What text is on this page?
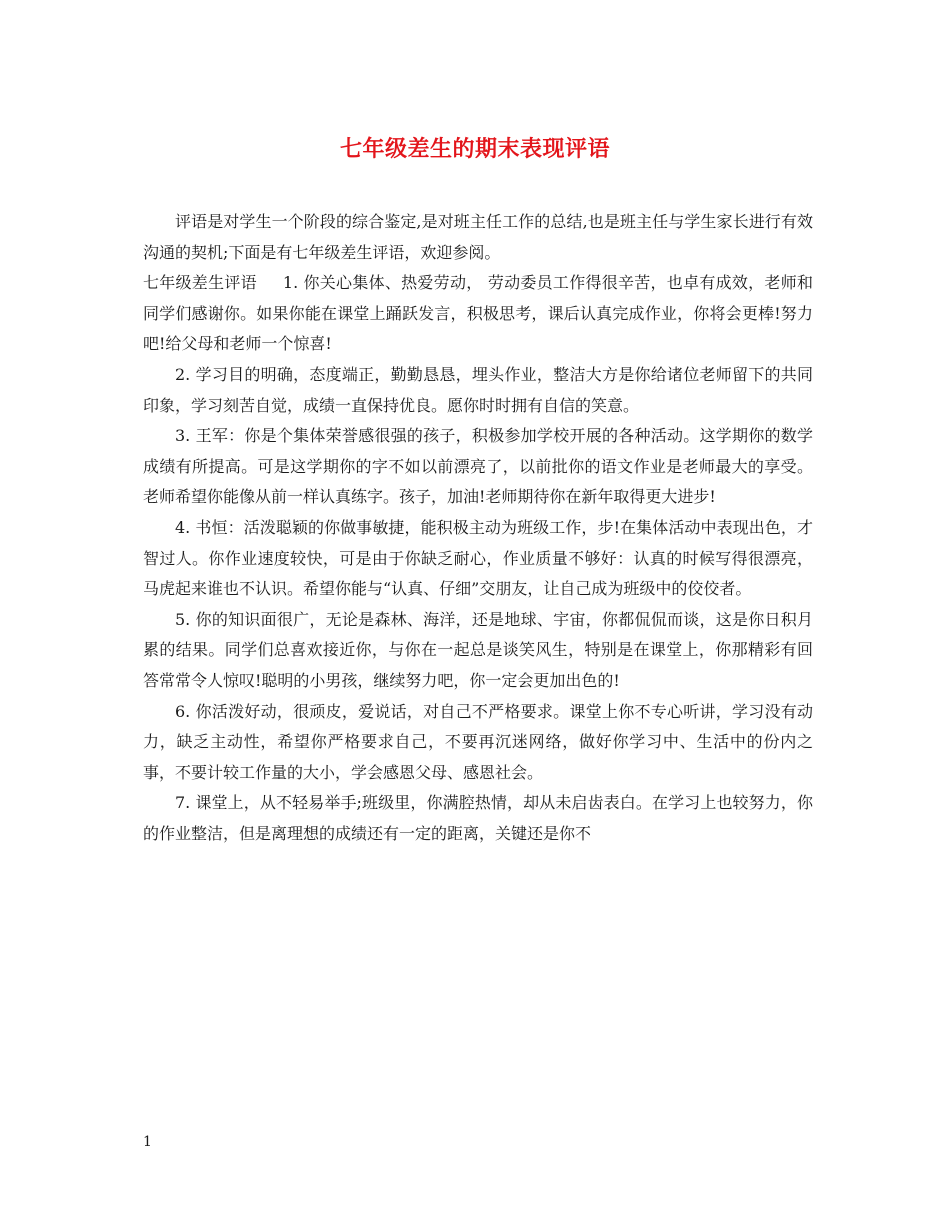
七年级差生的期末表现评语

评语是对学生一个阶段的综合鉴定,是对班主任工作的总结,也是班主任与学生家长进行有效沟通的契机;下面是有七年级差生评语，欢迎参阅。

七年级差生评语 1. 你关心集体、热爱劳动， 劳动委员工作得很辛苦，也卓有成效，老师和同学们感谢你。如果你能在课堂上踊跃发言，积极思考，课后认真完成作业，你将会更棒!努力吧!给父母和老师一个惊喜!

2. 学习目的明确，态度端正，勤勤恳恳，埋头作业，整洁大方是你给诸位老师留下的共同印象，学习刻苦自觉，成绩一直保持优良。愿你时时拥有自信的笑意。

3. 王军：你是个集体荣誉感很强的孩子，积极参加学校开展的各种活动。这学期你的数学成绩有所提高。可是这学期你的字不如以前漂亮了，以前批你的语文作业是老师最大的享受。老师希望你能像从前一样认真练字。孩子，加油!老师期待你在新年取得更大进步!

4. 书恒：活泼聪颖的你做事敏捷，能积极主动为班级工作，步!在集体活动中表现出色，才智过人。你作业速度较快，可是由于你缺乏耐心，作业质量不够好：认真的时候写得很漂亮，马虎起来谁也不认识。希望你能与“认真、仔细”交朋友，让自己成为班级中的佼佼者。

5. 你的知识面很广，无论是森林、海洋，还是地球、宇宙，你都侃侃而谈，这是你日积月累的结果。同学们总喜欢接近你，与你在一起总是谈笑风生，特别是在课堂上，你那精彩有回答常常令人惊叹!聪明的小男孩，继续努力吧，你一定会更加出色的!

6. 你活泼好动，很顽皮，爱说话，对自己不严格要求。课堂上你不专心听讲，学习没有动力，缺乏主动性，希望你严格要求自己，不要再沉迷网络，做好你学习中、生活中的份内之事，不要计较工作量的大小，学会感恩父母、感恩社会。

7. 课堂上，从不轻易举手;班级里，你满腔热情，却从未启齿表白。在学习上也较努力，你的作业整洁，但是离理想的成绩还有一定的距离，关键还是你不

1
